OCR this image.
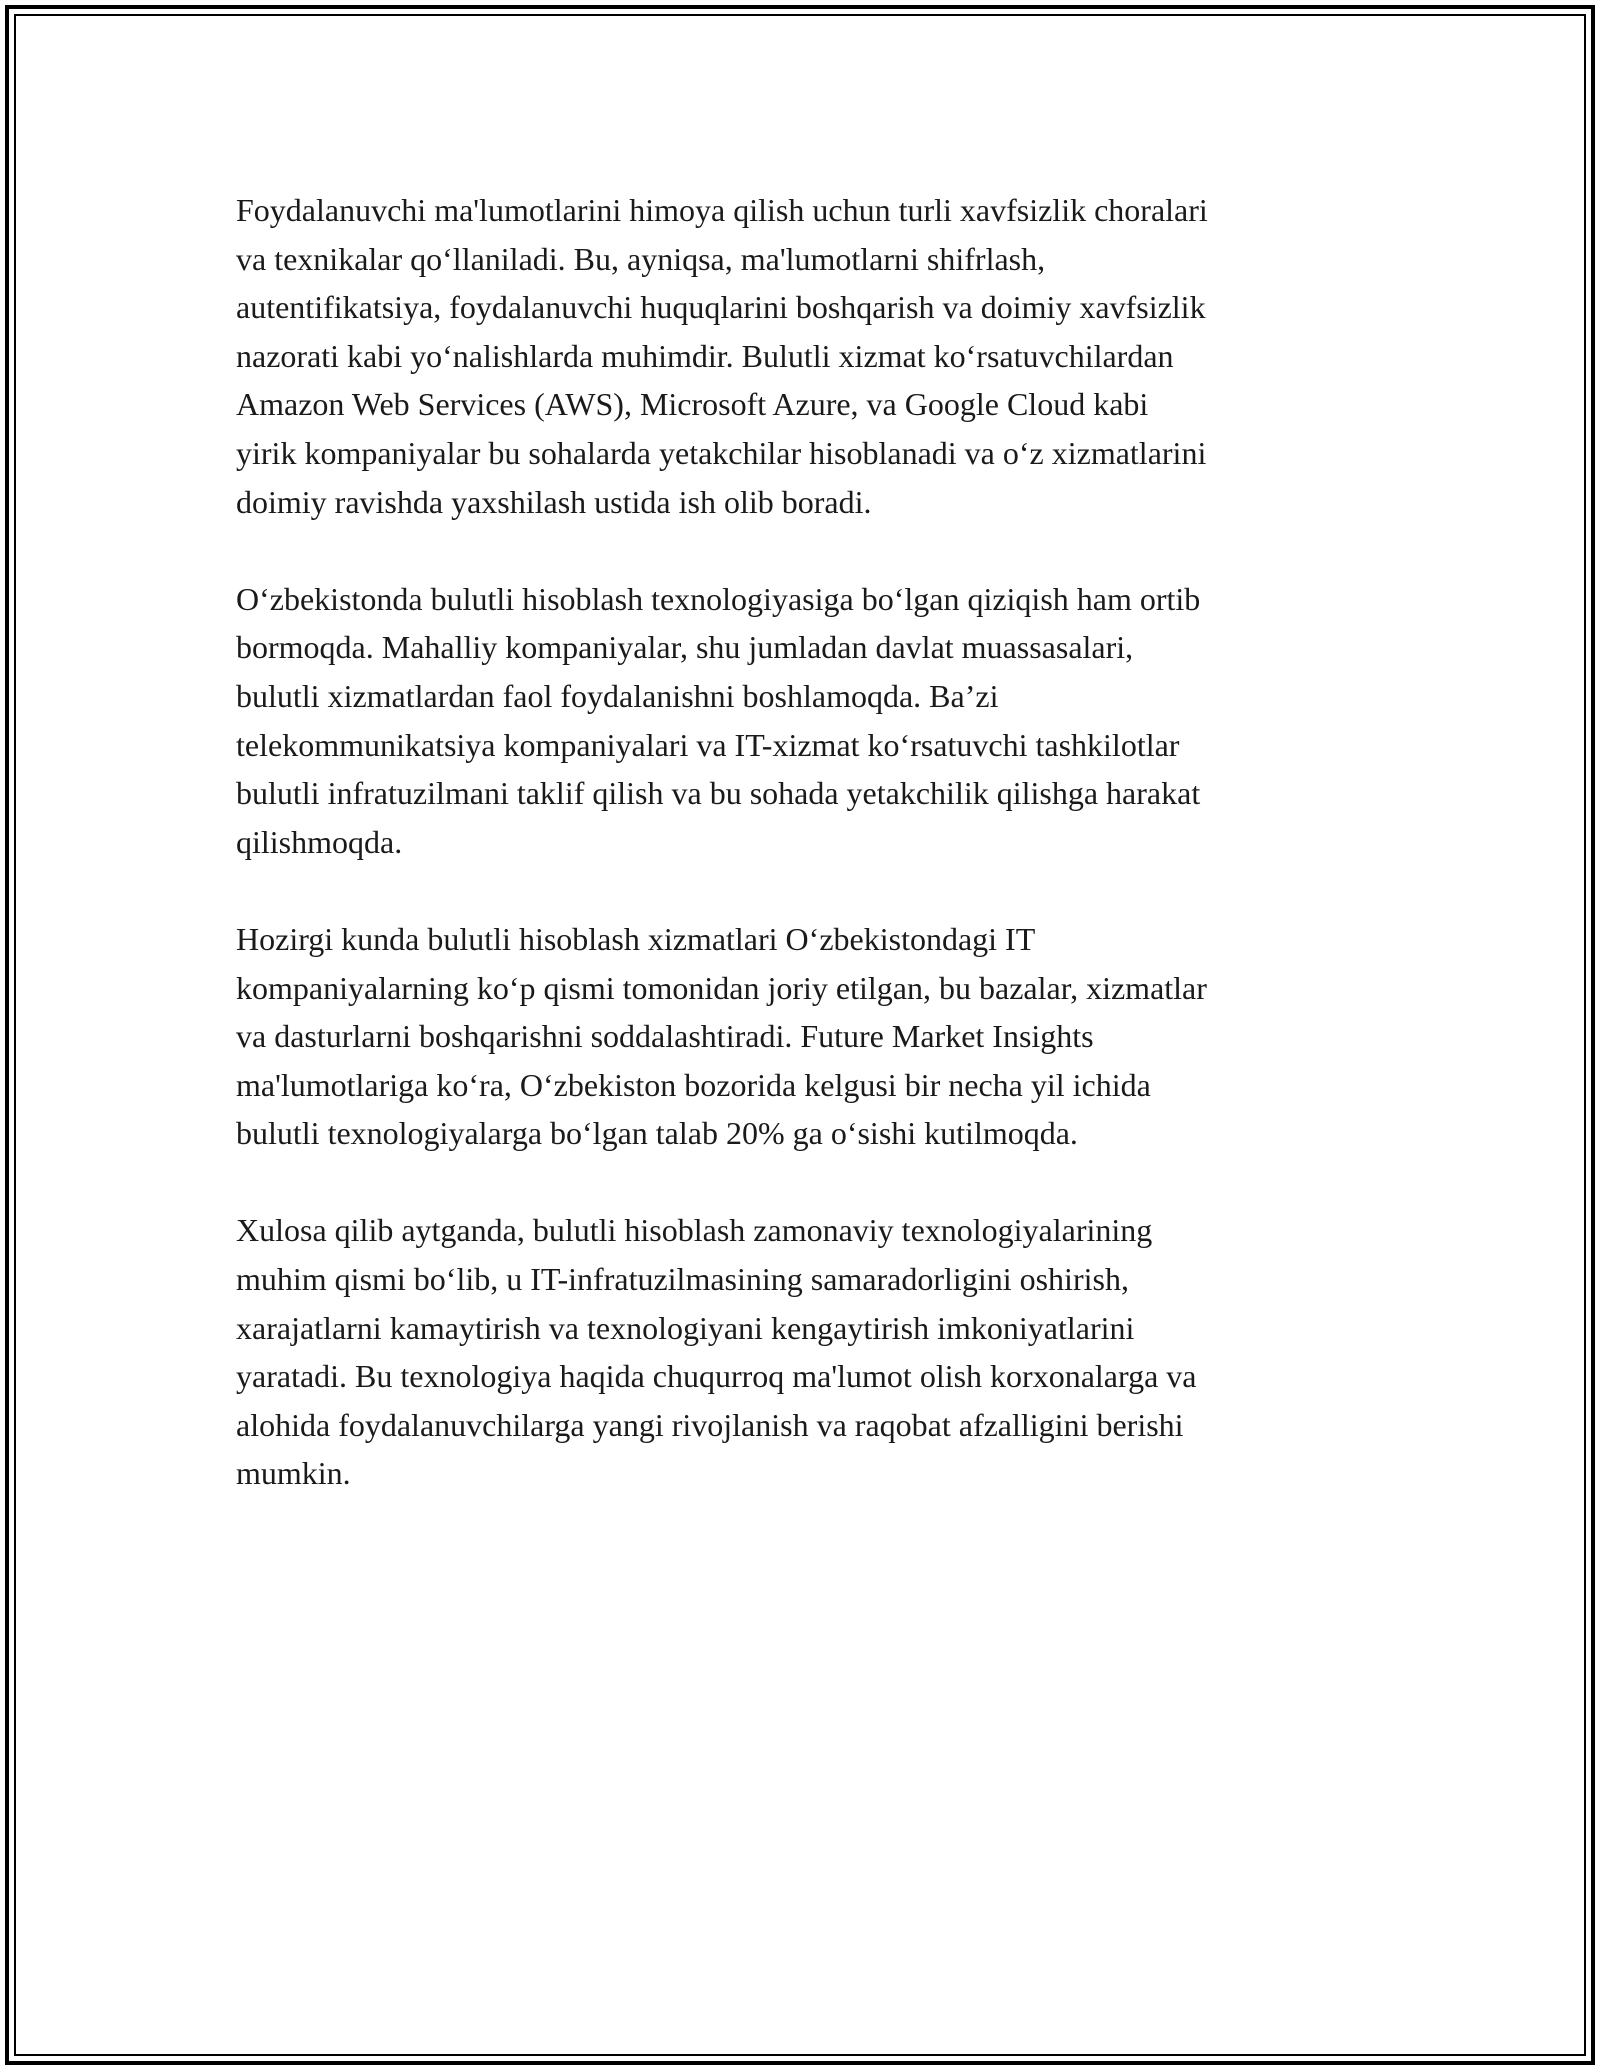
Foydalanuvchi ma'lumotlarini himoya qilish uchun turli xavfsizlik choralari
va texnikalar qoʻllaniladi. Bu, ayniqsa, ma'lumotlarni shifrlash,
autentifikatsiya, foydalanuvchi huquqlarini boshqarish va doimiy xavfsizlik
nazorati kabi yoʻnalishlarda muhimdir. Bulutli xizmat koʻrsatuvchilardan
Amazon Web Services (AWS), Microsoft Azure, va Google Cloud kabi
yirik kompaniyalar bu sohalarda yetakchilar hisoblanadi va oʻz xizmatlarini
doimiy ravishda yaxshilash ustida ish olib boradi.

Oʻzbekistonda bulutli hisoblash texnologiyasiga boʻlgan qiziqish ham ortib
bormoqda. Mahalliy kompaniyalar, shu jumladan davlat muassasalari,
bulutli xizmatlardan faol foydalanishni boshlamoqda. Ba’zi
telekommunikatsiya kompaniyalari va IT-xizmat koʻrsatuvchi tashkilotlar
bulutli infratuzilmani taklif qilish va bu sohada yetakchilik qilishga harakat
qilishmoqda.

Hozirgi kunda bulutli hisoblash xizmatlari Oʻzbekistondagi IT
kompaniyalarning koʻp qismi tomonidan joriy etilgan, bu bazalar, xizmatlar
va dasturlarni boshqarishni soddalashtiradi. Future Market Insights
ma'lumotlariga koʻra, Oʻzbekiston bozorida kelgusi bir necha yil ichida
bulutli texnologiyalarga boʻlgan talab 20% ga oʻsishi kutilmoqda.

Xulosa qilib aytganda, bulutli hisoblash zamonaviy texnologiyalarining
muhim qismi boʻlib, u IT-infratuzilmasining samaradorligini oshirish,
xarajatlarni kamaytirish va texnologiyani kengaytirish imkoniyatlarini
yaratadi. Bu texnologiya haqida chuqurroq ma'lumot olish korxonalarga va
alohida foydalanuvchilarga yangi rivojlanish va raqobat afzalligini berishi
mumkin.
